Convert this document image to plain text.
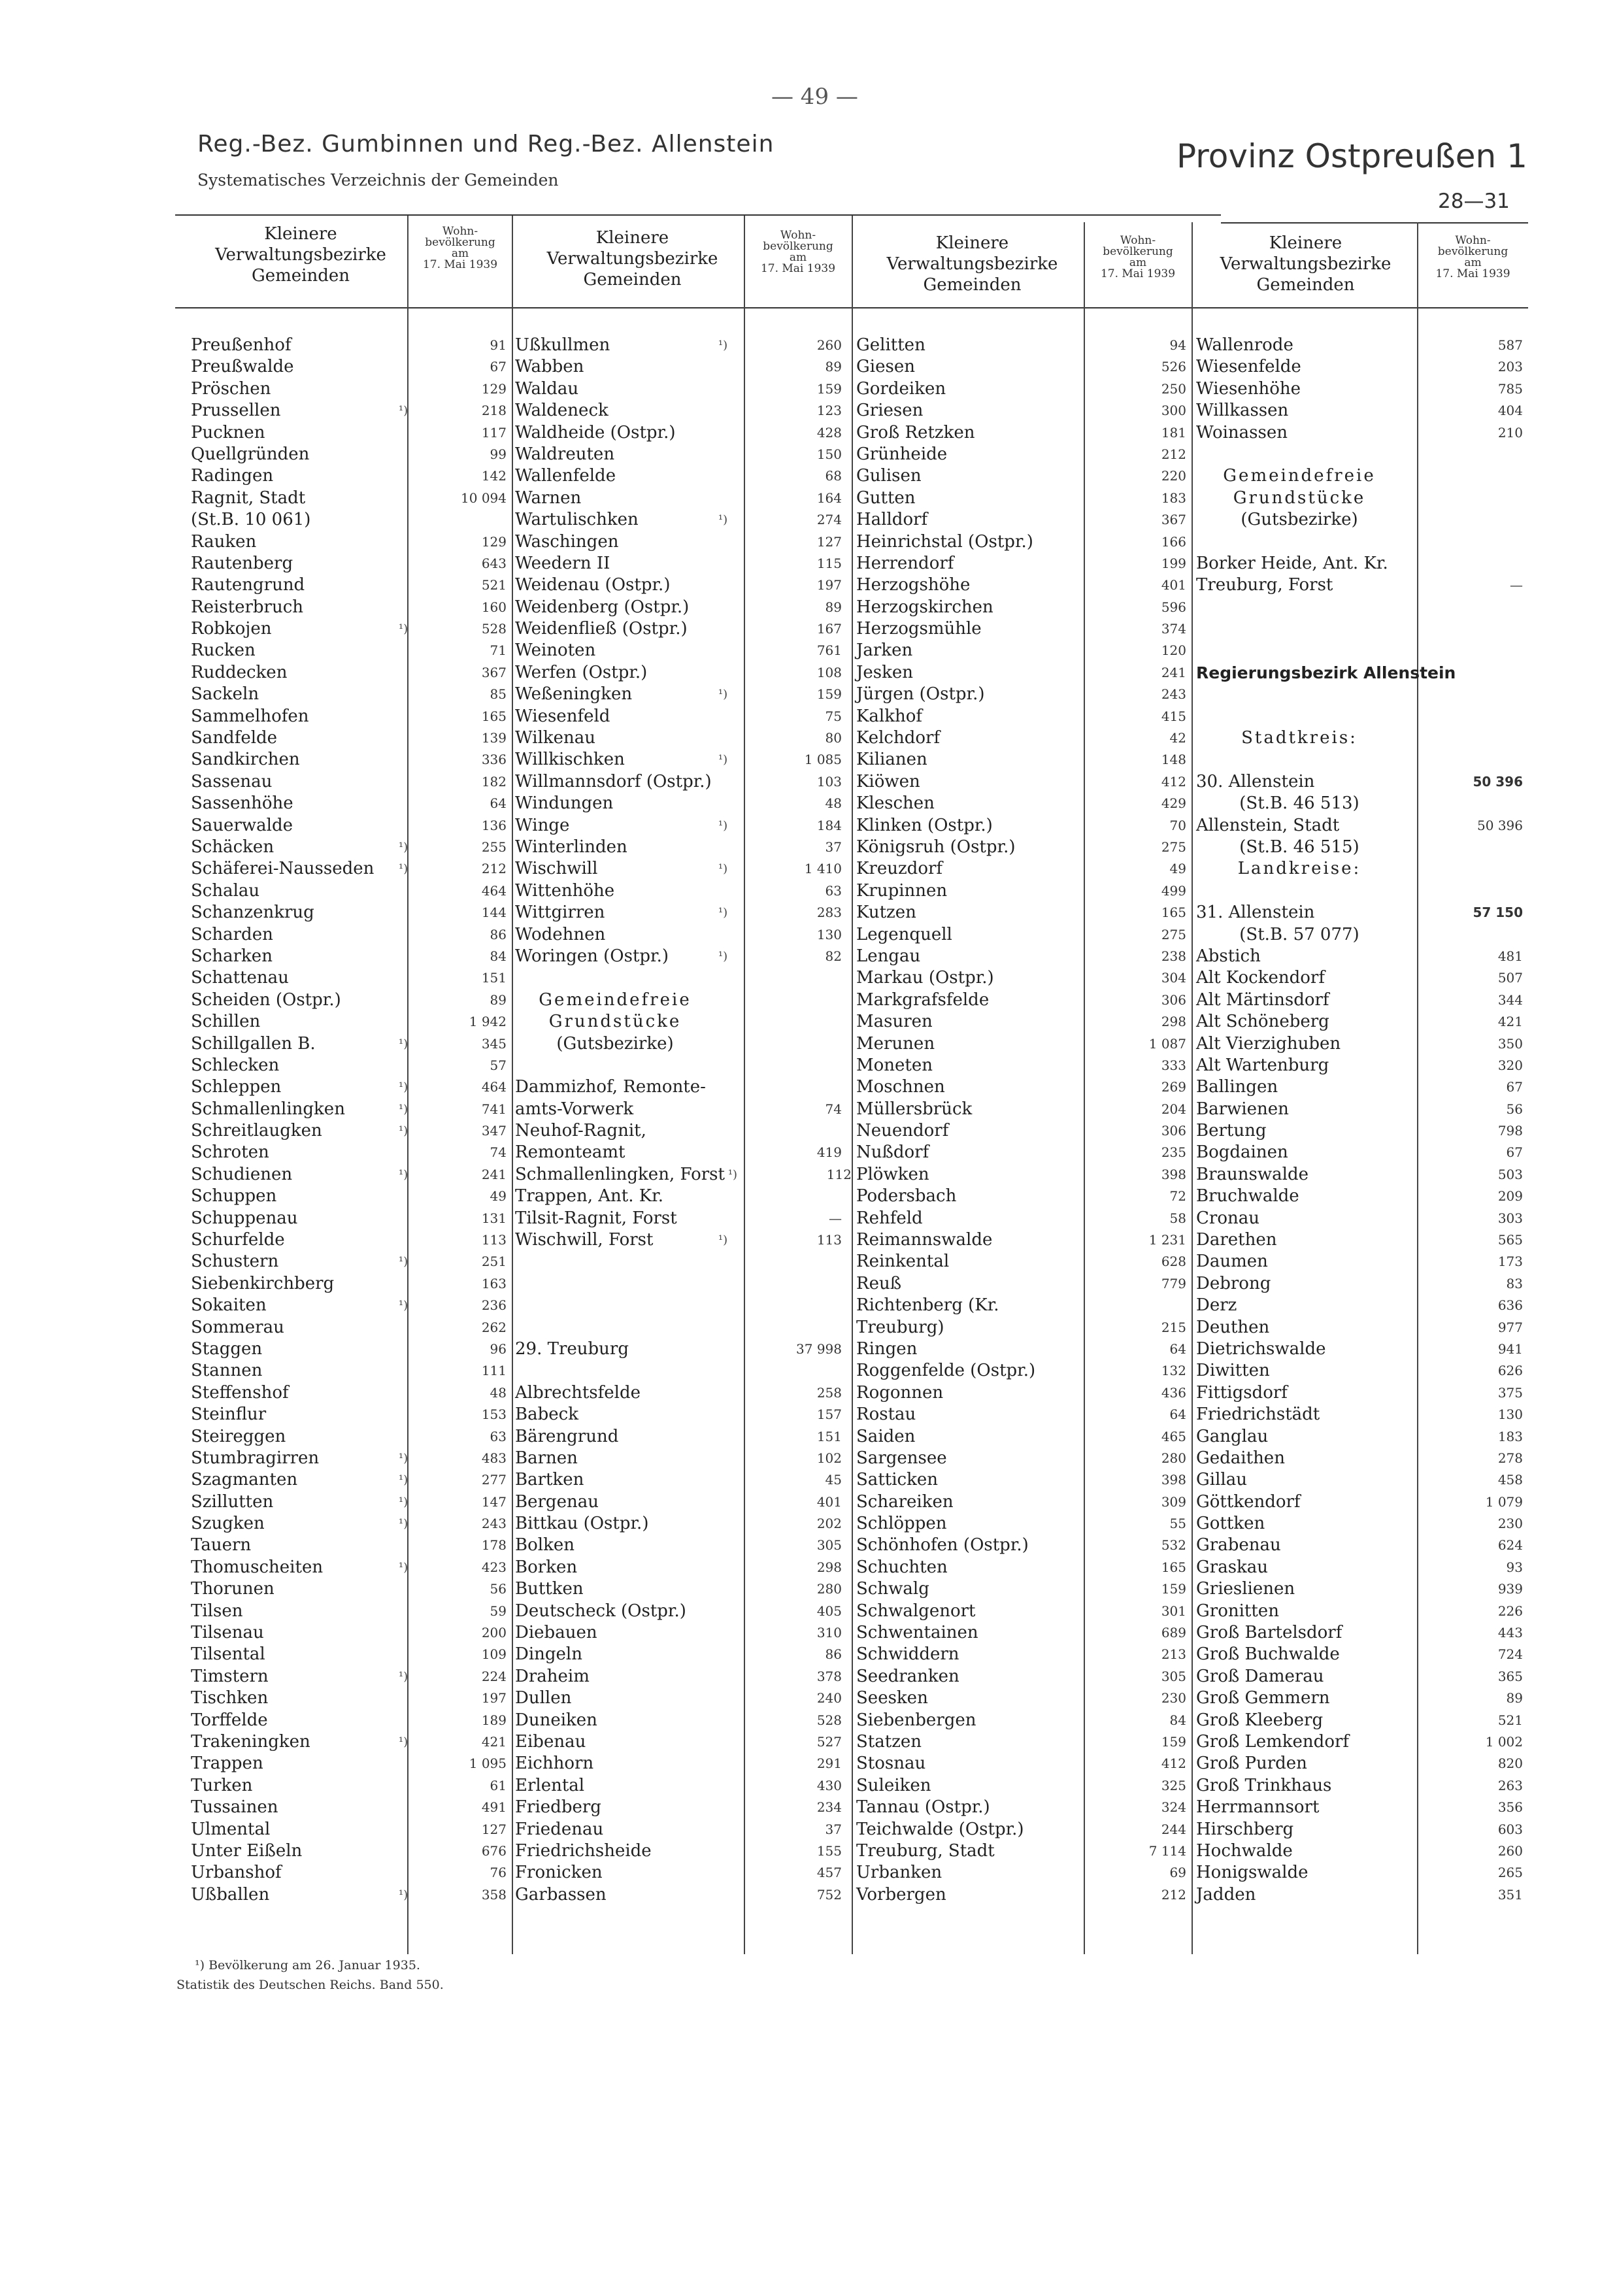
— 49 —
Reg.-Bez. Gumbinnen und Reg.-Bez. Allenstein
Systematisches Verzeichnis der Gemeinden
Provinz Ostpreußen 1
28—31
Kleinere
Verwaltungsbezirke
Gemeinden
Wohn-
bevölkerung
am
17. Mai 1939
Kleinere
Verwaltungsbezirke
Gemeinden
Wohn-
bevölkerung
am
17. Mai 1939
Kleinere
Verwaltungsbezirke
Gemeinden
Wohn-
bevölkerung
am
17. Mai 1939
Kleinere
Verwaltungsbezirke
Gemeinden
Wohn-
bevölkerung
am
17. Mai 1939
Preußenhof	91
Preußwalde	67
Pröschen	129
Prussellen	¹)	218
Pucknen	117
Quellgründen	99
Radingen	142
Ragnit, Stadt	10 094
(St.B. 10 061)
Rauken	129
Rautenberg	643
Rautengrund	521
Reisterbruch	160
Robkojen	¹)	528
Rucken	71
Ruddecken	367
Sackeln	85
Sammelhofen	165
Sandfelde	139
Sandkirchen	336
Sassenau	182
Sassenhöhe	64
Sauerwalde	136
Schäcken	¹)	255
Schäferei-Nausseden	¹)	212
Schalau	464
Schanzenkrug	144
Scharden	86
Scharken	84
Schattenau	151
Scheiden (Ostpr.)	89
Schillen	1 942
Schillgallen B.	¹)	345
Schlecken	57
Schleppen	¹)	464
Schmallenlingken	¹)	741
Schreitlaugken	¹)	347
Schroten	74
Schudienen	¹)	241
Schuppen	49
Schuppenau	131
Schurfelde	113
Schustern	¹)	251
Siebenkirchberg	163
Sokaiten	¹)	236
Sommerau	262
Staggen	96
Stannen	111
Steffenshof	48
Steinflur	153
Steireggen	63
Stumbragirren	¹)	483
Szagmanten	¹)	277
Szillutten	¹)	147
Szugken	¹)	243
Tauern	178
Thomuscheiten	¹)	423
Thorunen	56
Tilsen	59
Tilsenau	200
Tilsental	109
Timstern	¹)	224
Tischken	197
Torffelde	189
Trakeningken	¹)	421
Trappen	1 095
Turken	61
Tussainen	491
Ulmental	127
Unter Eißeln	676
Urbanshof	76
Ußballen	¹)	358
Ußkullmen	¹)	260
Wabben	89
Waldau	159
Waldeneck	123
Waldheide (Ostpr.)	428
Waldreuten	150
Wallenfelde	68
Warnen	164
Wartulischken	¹)	274
Waschingen	127
Weedern II	115
Weidenau (Ostpr.)	197
Weidenberg (Ostpr.)	89
Weidenfließ (Ostpr.)	167
Weinoten	761
Werfen (Ostpr.)	108
Weßeningken	¹)	159
Wiesenfeld	75
Wilkenau	80
Willkischken	¹)	1 085
Willmannsdorf (Ostpr.)	103
Windungen	48
Winge	¹)	184
Winterlinden	37
Wischwill	¹)	1 410
Wittenhöhe	63
Wittgirren	¹)	283
Wodehnen	130
Woringen (Ostpr.)	¹)	82
Gemeindefreie
Grundstücke
(Gutsbezirke)
Dammizhof, Remonte-
amts-Vorwerk	74
Neuhof-Ragnit,
Remonteamt	419
Schmallenlingken, Forst ¹)	112
Trappen, Ant. Kr.
Tilsit-Ragnit, Forst	—
Wischwill, Forst	¹)	113
29. Treuburg	37 998
Albrechtsfelde	258
Babeck	157
Bärengrund	151
Barnen	102
Bartken	45
Bergenau	401
Bittkau (Ostpr.)	202
Bolken	305
Borken	298
Buttken	280
Deutscheck (Ostpr.)	405
Diebauen	310
Dingeln	86
Draheim	378
Dullen	240
Duneiken	528
Eibenau	527
Eichhorn	291
Erlental	430
Friedberg	234
Friedenau	37
Friedrichsheide	155
Fronicken	457
Garbassen	752
Gelitten	94
Giesen	526
Gordeiken	250
Griesen	300
Groß Retzken	181
Grünheide	212
Gulisen	220
Gutten	183
Halldorf	367
Heinrichstal (Ostpr.)	166
Herrendorf	199
Herzogshöhe	401
Herzogskirchen	596
Herzogsmühle	374
Jarken	120
Jesken	241
Jürgen (Ostpr.)	243
Kalkhof	415
Kelchdorf	42
Kilianen	148
Kiöwen	412
Kleschen	429
Klinken (Ostpr.)	70
Königsruh (Ostpr.)	275
Kreuzdorf	49
Krupinnen	499
Kutzen	165
Legenquell	275
Lengau	238
Markau (Ostpr.)	304
Markgrafsfelde	306
Masuren	298
Merunen	1 087
Moneten	333
Moschnen	269
Müllersbrück	204
Neuendorf	306
Nußdorf	235
Plöwken	398
Podersbach	72
Rehfeld	58
Reimannswalde	1 231
Reinkental	628
Reuß	779
Richtenberg (Kr.
Treuburg)	215
Ringen	64
Roggenfelde (Ostpr.)	132
Rogonnen	436
Rostau	64
Saiden	465
Sargensee	280
Satticken	398
Schareiken	309
Schlöppen	55
Schönhofen (Ostpr.)	532
Schuchten	165
Schwalg	159
Schwalgenort	301
Schwentainen	689
Schwiddern	213
Seedranken	305
Seesken	230
Siebenbergen	84
Statzen	159
Stosnau	412
Suleiken	325
Tannau (Ostpr.)	324
Teichwalde (Ostpr.)	244
Treuburg, Stadt	7 114
Urbanken	69
Vorbergen	212
Wallenrode	587
Wiesenfelde	203
Wiesenhöhe	785
Willkassen	404
Woinassen	210
Gemeindefreie
Grundstücke
(Gutsbezirke)
Borker Heide, Ant. Kr.
Treuburg, Forst	—
Regierungsbezirk Allenstein
Stadtkreis:
30. Allenstein	50 396
(St.B. 46 513)
Allenstein, Stadt	50 396
(St.B. 46 515)
Landkreise:
31. Allenstein	57 150
(St.B. 57 077)
Abstich	481
Alt Kockendorf	507
Alt Märtinsdorf	344
Alt Schöneberg	421
Alt Vierzighuben	350
Alt Wartenburg	320
Ballingen	67
Barwienen	56
Bertung	798
Bogdainen	67
Braunswalde	503
Bruchwalde	209
Cronau	303
Darethen	565
Daumen	173
Debrong	83
Derz	636
Deuthen	977
Dietrichswalde	941
Diwitten	626
Fittigsdorf	375
Friedrichstädt	130
Ganglau	183
Gedaithen	278
Gillau	458
Göttkendorf	1 079
Gottken	230
Grabenau	624
Graskau	93
Grieslienen	939
Gronitten	226
Groß Bartelsdorf	443
Groß Buchwalde	724
Groß Damerau	365
Groß Gemmern	89
Groß Kleeberg	521
Groß Lemkendorf	1 002
Groß Purden	820
Groß Trinkhaus	263
Herrmannsort	356
Hirschberg	603
Hochwalde	260
Honigswalde	265
Jadden	351
¹) Bevölkerung am 26. Januar 1935.
Statistik des Deutschen Reichs. Band 550.
